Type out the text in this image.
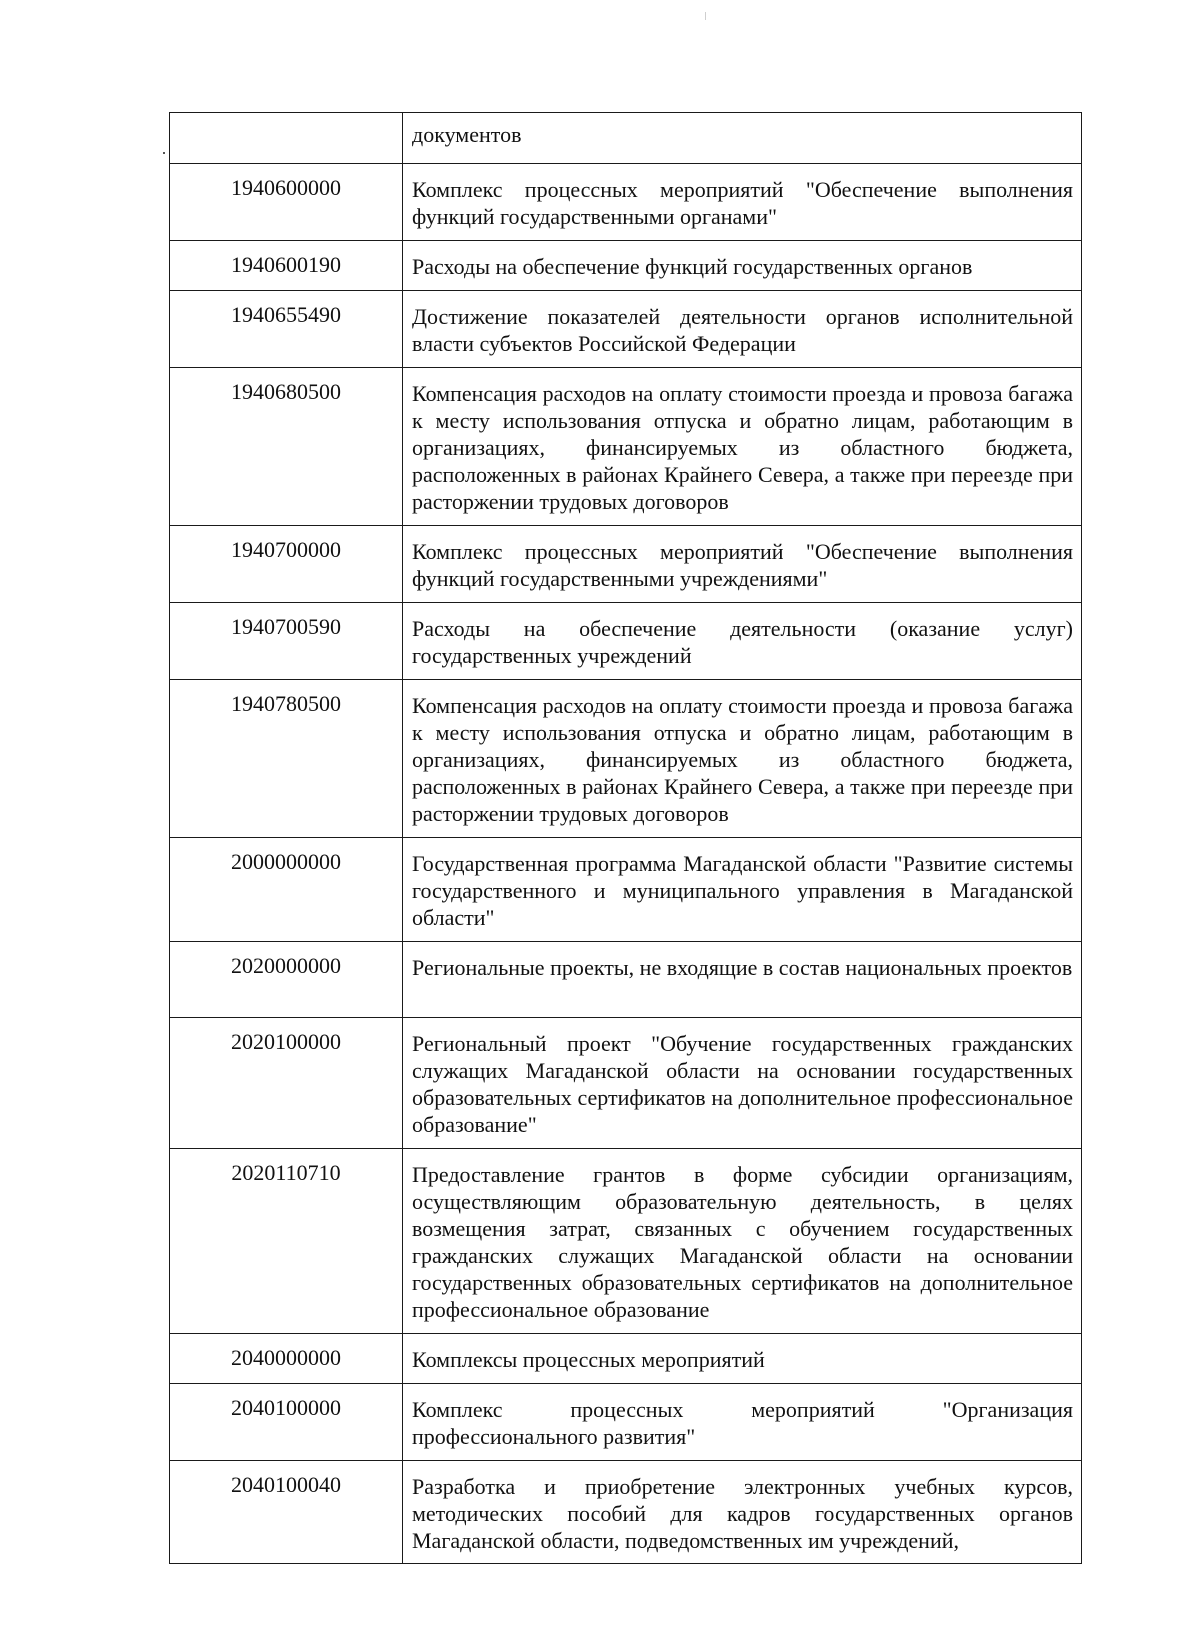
	документов
1940600000	Комплекс процессных мероприятий "Обеспечение выполнения функций государственными органами"
1940600190	Расходы на обеспечение функций государственных органов
1940655490	Достижение показателей деятельности органов исполнительной власти субъектов Российской Федерации
1940680500	Компенсация расходов на оплату стоимости проезда и провоза багажа к месту использования отпуска и обратно лицам, работающим в организациях, финансируемых из областного бюджета, расположенных в районах Крайнего Севера, а также при переезде при расторжении трудовых договоров
1940700000	Комплекс процессных мероприятий "Обеспечение выполнения функций государственными учреждениями"
1940700590	Расходы на обеспечение деятельности (оказание услуг) государственных учреждений
1940780500	Компенсация расходов на оплату стоимости проезда и провоза багажа к месту использования отпуска и обратно лицам, работающим в организациях, финансируемых из областного бюджета, расположенных в районах Крайнего Севера, а также при переезде при расторжении трудовых договоров
2000000000	Государственная программа Магаданской области "Развитие системы государственного и муниципального управления в Магаданской области"
2020000000	Региональные проекты, не входящие в состав национальных проектов
2020100000	Региональный проект "Обучение государственных гражданских служащих Магаданской области на основании государственных образовательных сертификатов на дополнительное профессиональное образование"
2020110710	Предоставление грантов в форме субсидии организациям, осуществляющим образовательную деятельность, в целях возмещения затрат, связанных с обучением государственных гражданских служащих Магаданской области на основании государственных образовательных сертификатов на дополнительное профессиональное образование
2040000000	Комплексы процессных мероприятий
2040100000	Комплекс процессных мероприятий "Организация профессионального развития"
2040100040	Разработка и приобретение электронных учебных курсов, методических пособий для кадров государственных органов Магаданской области, подведомственных им учреждений,
